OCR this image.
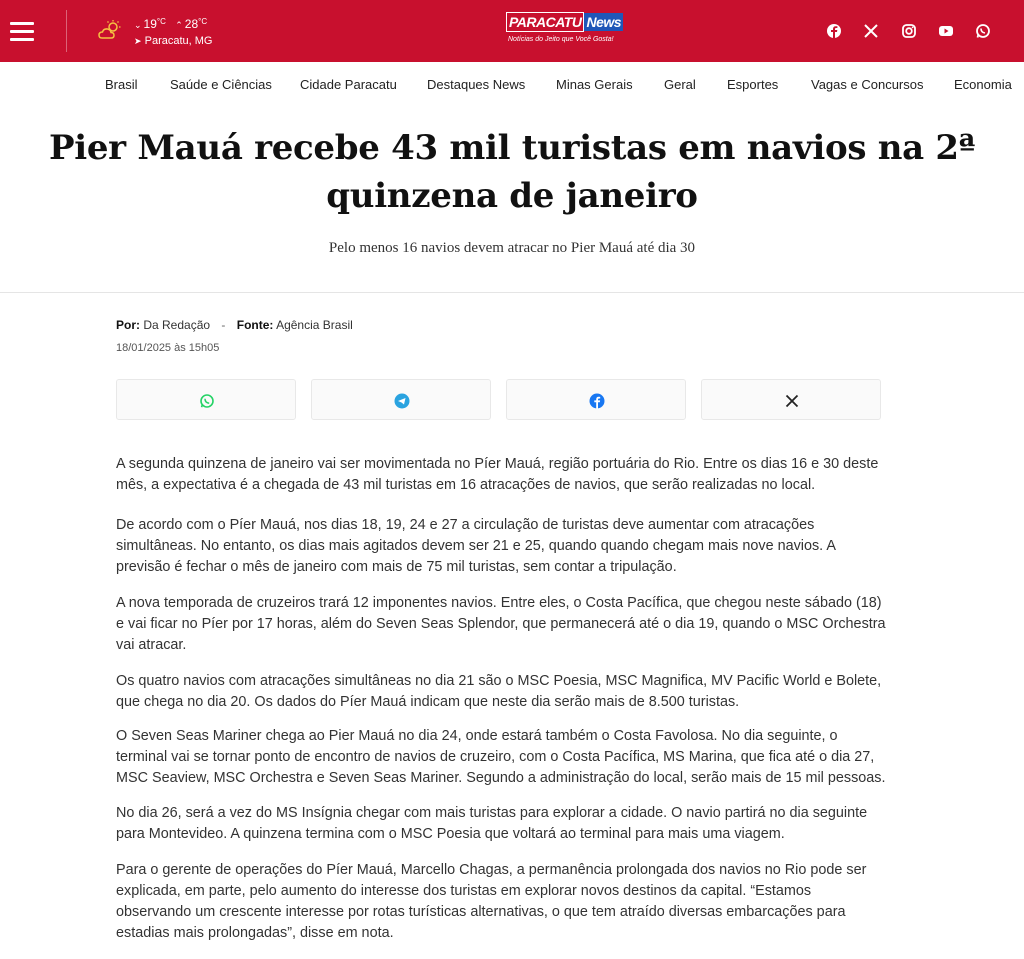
⌄ $19^{^\circ C}$ ⌃ $28^{^\circ C}$
➤ Paracatu, MG
PARACATU News
Notícias do Jeito que Você Gosta!
Brasil Saúde e Ciências Cidade Paracatu Destaques News Minas Gerais Geral Esportes	Vagas e Concursos Economia
Pier Mauá recebe 43 mil turistas em navios na 2ª
quinzena de janeiro
Pelo menos 16 navios devem atracar no Pier Mauá até dia 30
Por: Da Redação - Fonte: Agência Brasil
18/01/2025 às 15h05

A segunda quinzena de janeiro vai ser movimentada no Píer Mauá, região portuária do Rio. Entre os dias 16 e 30 deste mês, a expectativa é a chegada de 43 mil turistas em 16 atracações de navios, que serão realizadas no local.

De acordo com o Píer Mauá, nos dias 18, 19, 24 e 27 a circulação de turistas deve aumentar com atracações simultâneas. No entanto, os dias mais agitados devem ser 21 e 25, quando quando chegam mais nove navios. A previsão é fechar o mês de janeiro com mais de 75 mil turistas, sem contar a tripulação.

A nova temporada de cruzeiros trará 12 imponentes navios. Entre eles, o Costa Pacífica, que chegou neste sábado (18) e vai ficar no Píer por 17 horas, além do Seven Seas Splendor, que permanecerá até o dia 19, quando o MSC Orchestra vai atracar.

Os quatro navios com atracações simultâneas no dia 21 são o MSC Poesia, MSC Magnifica, MV Pacific World e Bolete, que chega no dia 20. Os dados do Píer Mauá indicam que neste dia serão mais de 8.500 turistas.

O Seven Seas Mariner chega ao Pier Mauá no dia 24, onde estará também o Costa Favolosa. No dia seguinte, o terminal vai se tornar ponto de encontro de navios de cruzeiro, com o Costa Pacífica, MS Marina, que fica até o dia 27, MSC Seaview, MSC Orchestra e Seven Seas Mariner. Segundo a administração do local, serão mais de 15 mil pessoas.

No dia 26, será a vez do MS Insígnia chegar com mais turistas para explorar a cidade. O navio partirá no dia seguinte para Montevideo. A quinzena termina com o MSC Poesia que voltará ao terminal para mais uma viagem.

Para o gerente de operações do Píer Mauá, Marcello Chagas, a permanência prolongada dos navios no Rio pode ser explicada, em parte, pelo aumento do interesse dos turistas em explorar novos destinos da capital. “Estamos observando um crescente interesse por rotas turísticas alternativas, o que tem atraído diversas embarcações para estadias mais prolongadas”, disse em nota.
